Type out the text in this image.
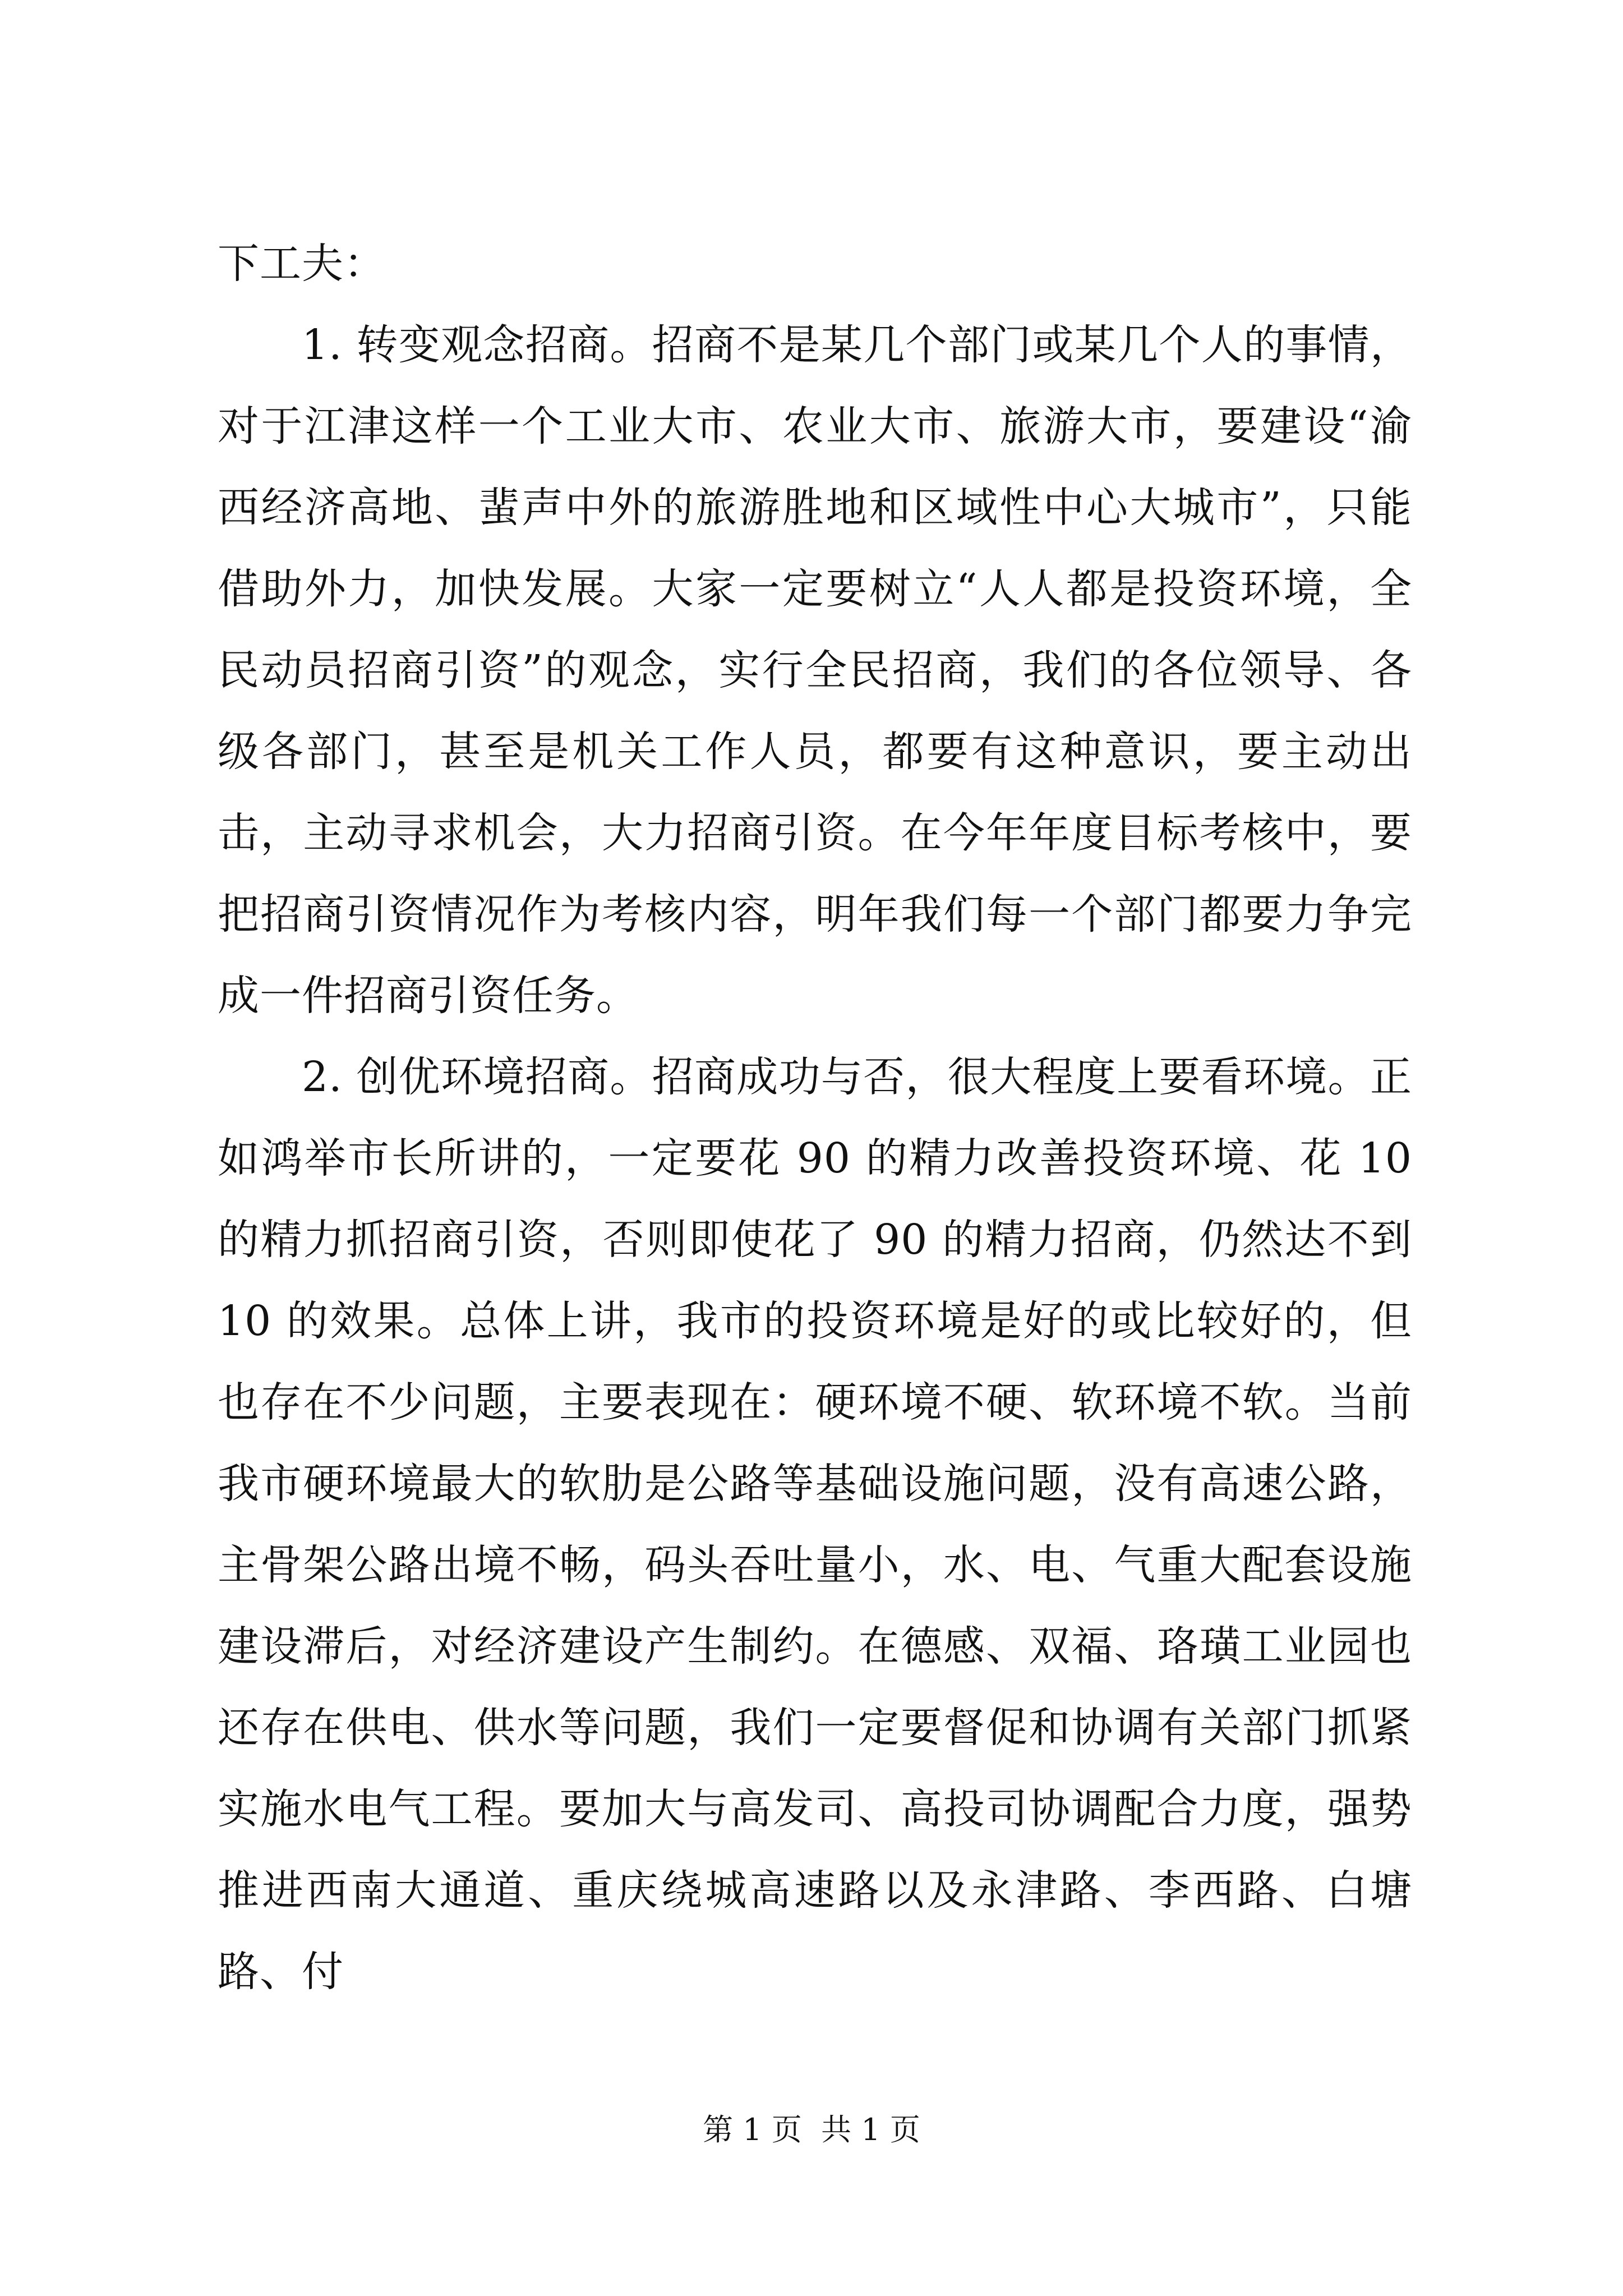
下工夫：

1. 转变观念招商。招商不是某几个部门或某几个人的事情，对于江津这样一个工业大市、农业大市、旅游大市，要建设“渝西经济高地、蜚声中外的旅游胜地和区域性中心大城市”，只能借助外力，加快发展。大家一定要树立“人人都是投资环境，全民动员招商引资”的观念，实行全民招商，我们的各位领导、各级各部门，甚至是机关工作人员，都要有这种意识，要主动出击，主动寻求机会，大力招商引资。在今年年度目标考核中，要把招商引资情况作为考核内容，明年我们每一个部门都要力争完成一件招商引资任务。

2. 创优环境招商。招商成功与否，很大程度上要看环境。正如鸿举市长所讲的，一定要花 90 的精力改善投资环境、花 10 的精力抓招商引资，否则即使花了 90 的精力招商，仍然达不到 10 的效果。总体上讲，我市的投资环境是好的或比较好的，但也存在不少问题，主要表现在：硬环境不硬、软环境不软。当前我市硬环境最大的软肋是公路等基础设施问题，没有高速公路，主骨架公路出境不畅，码头吞吐量小，水、电、气重大配套设施建设滞后，对经济建设产生制约。在德感、双福、珞璜工业园也还存在供电、供水等问题，我们一定要督促和协调有关部门抓紧实施水电气工程。要加大与高发司、高投司协调配合力度，强势推进西南大通道、重庆绕城高速路以及永津路、李西路、白塘路、付

第 1 页  共 1 页
